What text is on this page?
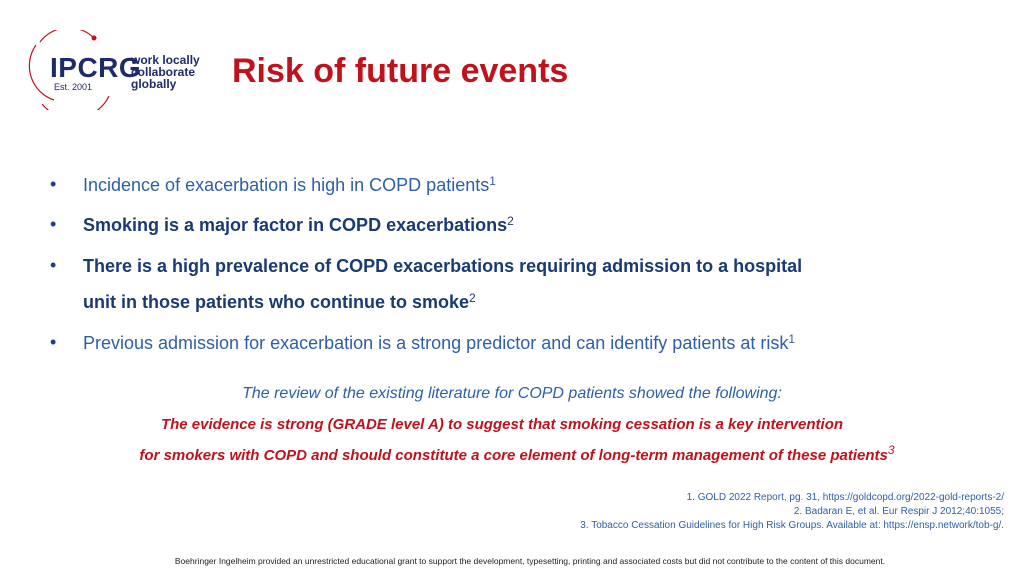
IPCRG
Est. 2001
work locally
collaborate globally	Risk of future events
• Incidence of exacerbation is high in COPD patients$^1$
• Smoking is a major factor in COPD exacerbations$^2$
• There is a high prevalence of COPD exacerbations requiring admission to a hospital
unit in those patients who continue to smoke$^2$
• Previous admission for exacerbation is a strong predictor and can identify patients at risk$^1$
The review of the existing literature for COPD patients showed the following:
The evidence is strong (GRADE level A) to suggest that smoking cessation is a key intervention
for smokers with COPD and should constitute a core element of long-term management of these patients$^3$
1. GOLD 2022 Report, pg. 31, https://goldcopd.org/2022-gold-reports-2/
2. Badaran E, et al. Eur Respir J 2012;40:1055;
3. Tobacco Cessation Guidelines for High Risk Groups. Available at: https://ensp.network/tob-g/.
Boehringer Ingelheim provided an unrestricted educational grant to support the development, typesetting, printing and associated costs but did not contribute to the content of this document.
